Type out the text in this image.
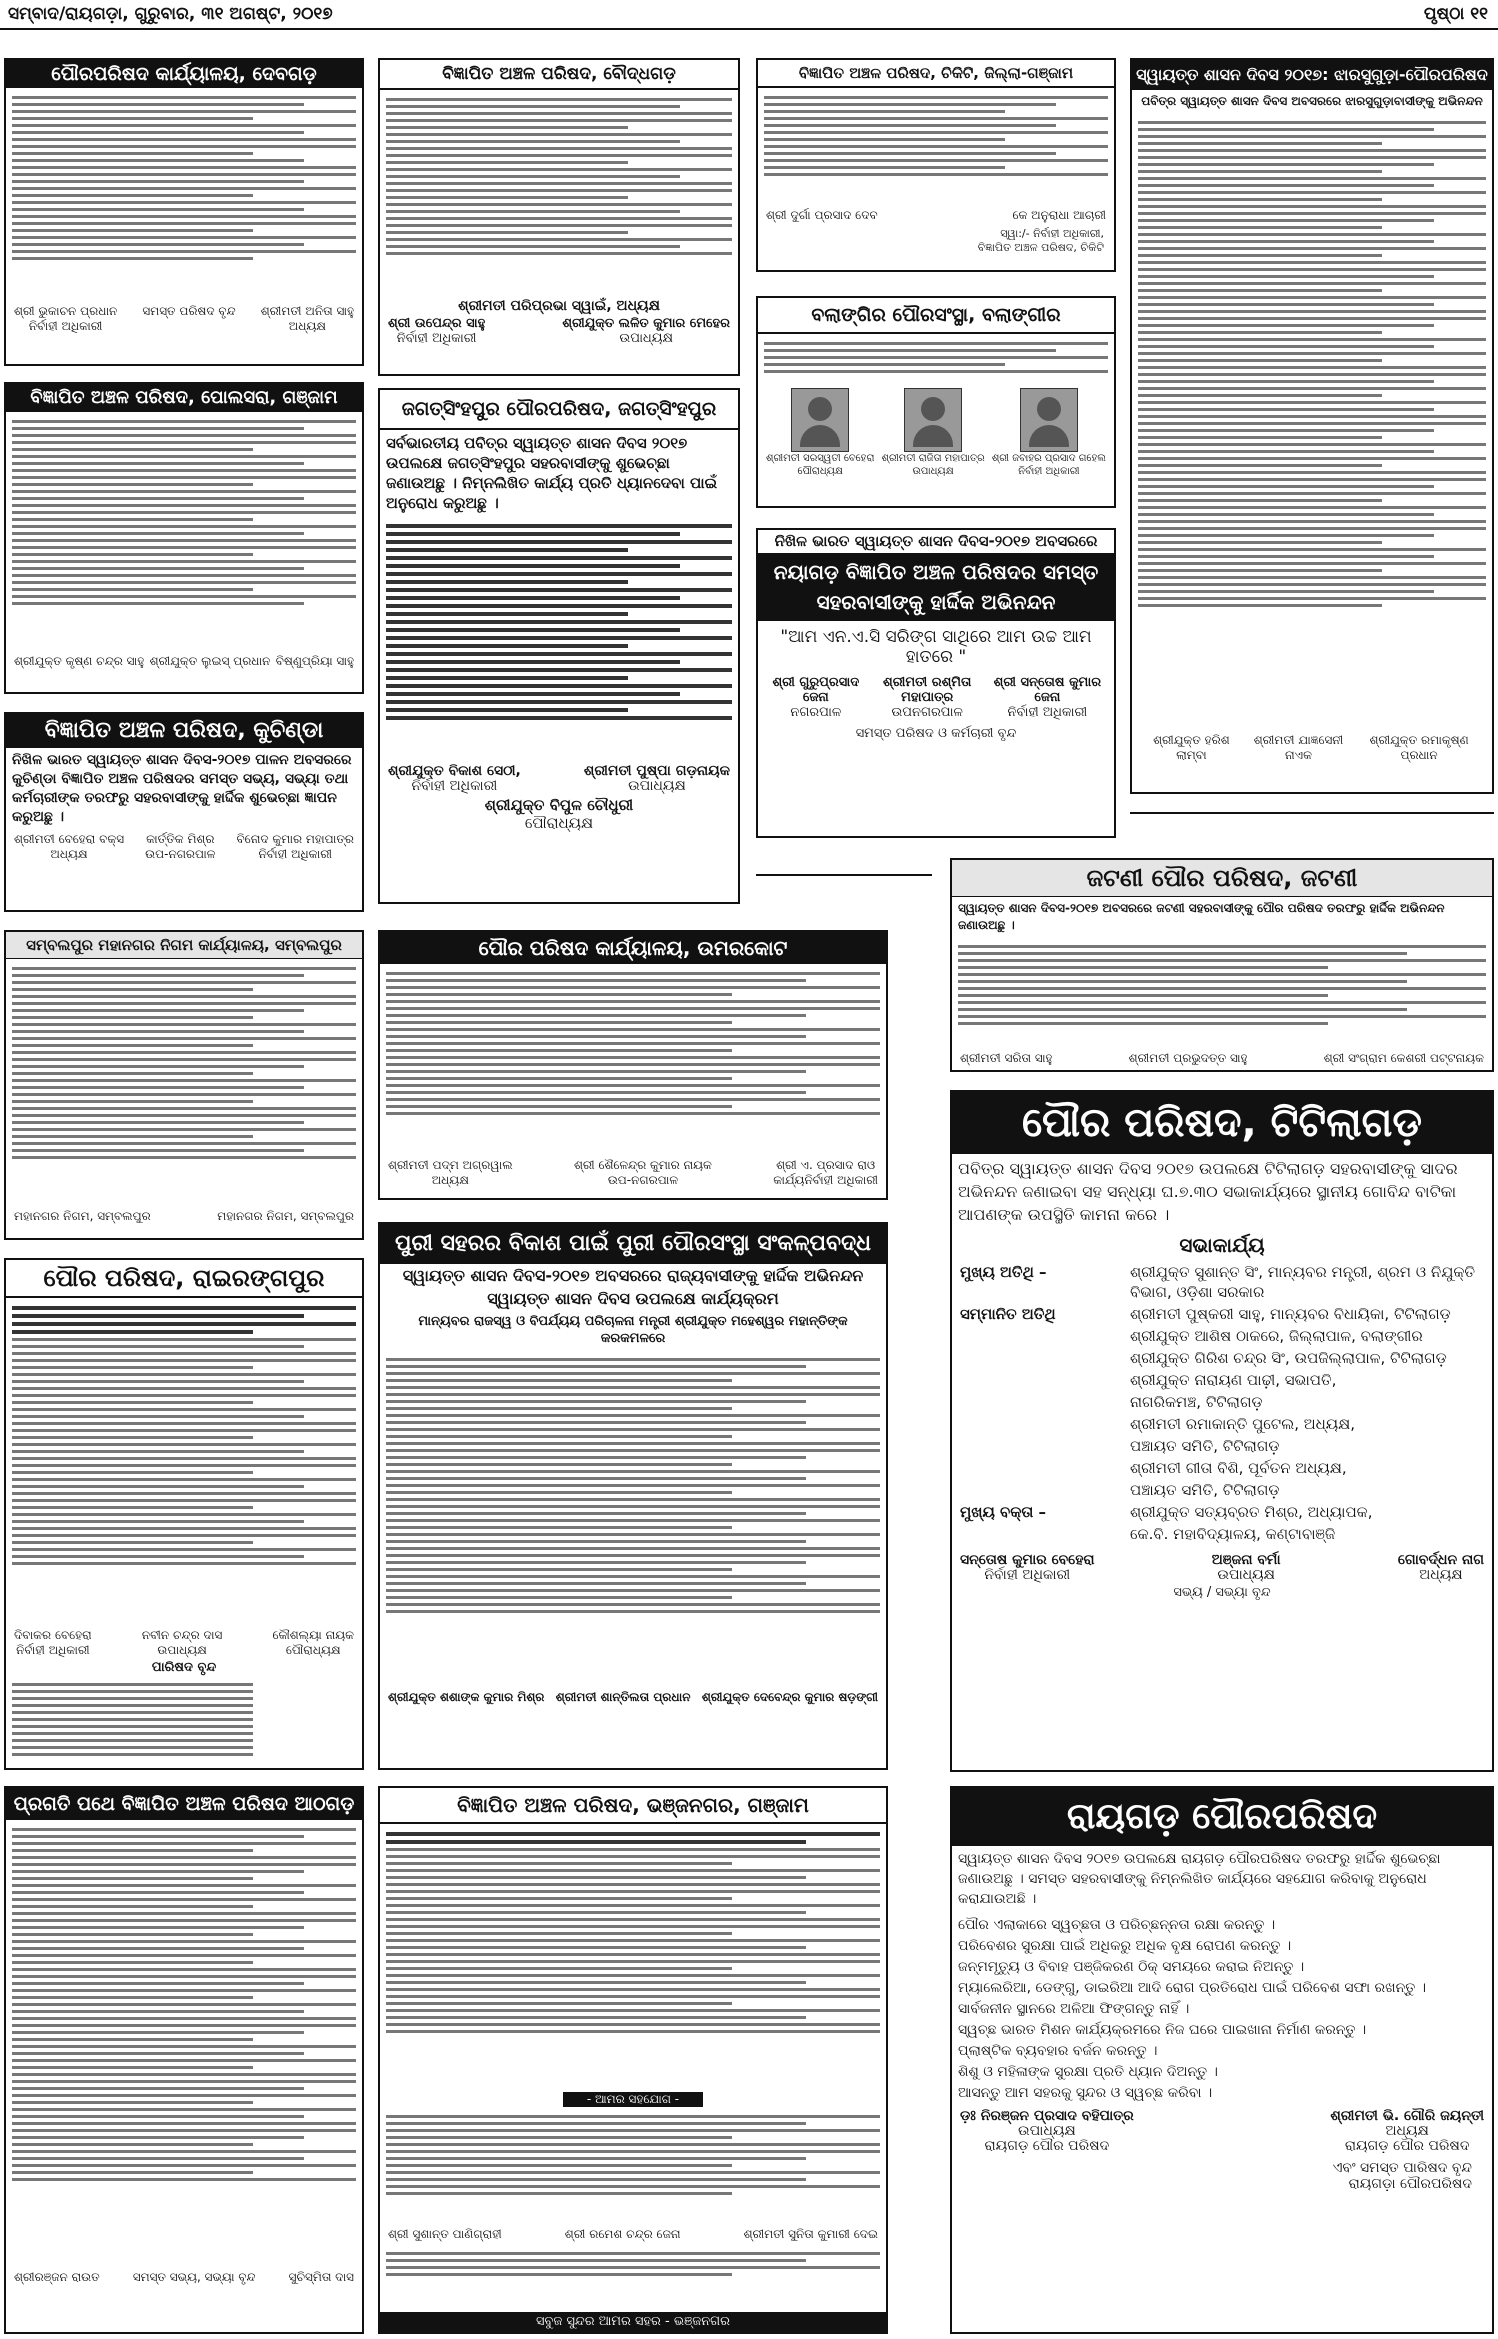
ସମ୍ବାଦ/ରାୟଗଡ଼ା, ଗୁରୁବାର, ୩୧ ଅଗଷ୍ଟ, ୨୦୧୭	ପୃଷ୍ଠା ୧୧
ପୌରପରିଷଦ କାର୍ଯ୍ୟାଳୟ, ଦେବଗଡ଼
ଶ୍ରୀ ଭୁକାଚନ ପ୍ରଧାନ
ନିର୍ବାହୀ ଅଧିକାରୀ
ସମସ୍ତ ପରିଷଦ ବୃନ୍ଦ ଶ୍ରୀମତୀ ଅନିତା ସାହୁ
ଅଧ୍ୟକ୍ଷ
ବିଜ୍ଞାପିତ ଅଞ୍ଚଳ ପରିଷଦ, ପୋଲସରା, ଗଞ୍ଜାମ
ଶ୍ରୀଯୁକ୍ତ କୃଷ୍ଣ ଚନ୍ଦ୍ର ସାହୁ ଶ୍ରୀଯୁକ୍ତ ଲୁଇସ୍ ପ୍ରଧାନ ବିଷ୍ଣୁପ୍ରିୟା ସାହୁ
ବିଜ୍ଞାପିତ ଅଞ୍ଚଳ ପରିଷଦ, କୁଚିଣ୍ଡା
ନିଖିଳ ଭାରତ ସ୍ୱାୟତ୍ତ ଶାସନ ଦିବସ-୨୦୧୭ ପାଳନ ଅବସରରେ କୁଚିଣ୍ଡା ବିଜ୍ଞାପିତ ଅଞ୍ଚଳ ପରିଷଦର ସମସ୍ତ ସଭ୍ୟ, ସଭ୍ୟା ତଥା କର୍ମଚାରୀଙ୍କ ତରଫରୁ ସହରବାସୀଙ୍କୁ ହାର୍ଦ୍ଦିକ ଶୁଭେଚ୍ଛା ଜ୍ଞାପନ କରୁଅଛୁ ।
ଶ୍ରୀମତୀ ବେହେରା ବକ୍ସ
ଅଧ୍ୟକ୍ଷ
କାର୍ତ୍ତିକ ମିଶ୍ର
ଉପ-ନଗରପାଳ
ବିନୋଦ କୁମାର ମହାପାତ୍ର
ନିର୍ବାହୀ ଅଧିକାରୀ
ସମ୍ବଲପୁର ମହାନଗର ନିଗମ କାର୍ଯ୍ୟାଳୟ, ସମ୍ବଲପୁର
ମହାନଗର ନିଗମ, ସମ୍ବଲପୁର	ମହାନଗର ନିଗମ, ସମ୍ବଲପୁର
ପୌର ପରିଷଦ, ରାଇରଙ୍ଗପୁର
ଦିବାକର ବେହେରା
ନିର୍ବାହୀ ଅଧିକାରୀ
ନବୀନ ଚନ୍ଦ୍ର ଦାସ
ଉପାଧ୍ୟକ୍ଷ
କୌଶଲ୍ୟା ନାୟକ
ପୌରାଧ୍ୟକ୍ଷ
ପାରିଷଦ ବୃନ୍ଦ
ପ୍ରଗତି ପଥେ ବିଜ୍ଞାପିତ ଅଞ୍ଚଳ ପରିଷଦ ଆଠଗଡ଼
ଶ୍ରୀରଞ୍ଜନ ରାଉତ	ସମସ୍ତ ସଭ୍ୟ, ସଭ୍ୟା ବୃନ୍ଦ	ସୁଚିସ୍ମିତା ଦାସ
ବିଜ୍ଞାପିତ ଅଞ୍ଚଳ ପରିଷଦ, ବୌଦ୍ଧଗଡ଼
ଶ୍ରୀମତୀ ପରିପ୍ରଭା ସ୍ୱାଇଁ, ଅଧ୍ୟକ୍ଷ
ଶ୍ରୀ ଉପେନ୍ଦ୍ର ସାହୁ
ନିର୍ବାହୀ ଅଧିକାରୀ
ଶ୍ରୀଯୁକ୍ତ ଲଳିତ କୁମାର ମେହେର
ଉପାଧ୍ୟକ୍ଷ
ଜଗତ୍‌ସିଂହପୁର ପୌରପରିଷଦ, ଜଗତ୍‌ସିଂହପୁର
ସର୍ବଭାରତୀୟ ପବିତ୍ର ସ୍ୱାୟତ୍ତ ଶାସନ ଦିବସ ୨୦୧୭ ଉପଲକ୍ଷେ ଜଗତ୍‌ସିଂହପୁର ସହରବାସୀଙ୍କୁ ଶୁଭେଚ୍ଛା ଜଣାଉଅଛୁ । ନିମ୍ନଲିଖିତ କାର୍ଯ୍ୟ ପ୍ରତି ଧ୍ୟାନଦେବା ପାଇଁ ଅନୁରୋଧ କରୁଅଛୁ ।
ଶ୍ରୀଯୁକ୍ତ ବିକାଶ ସେଠୀ,
ନିର୍ବାହୀ ଅଧିକାରୀ
ଶ୍ରୀମତୀ ପୁଷ୍ପା ଗଡ଼ନାୟକ
ଉପାଧ୍ୟକ୍ଷ
ଶ୍ରୀଯୁକ୍ତ ବିପୁଳ ଚୌଧୁରୀ
ପୌରାଧ୍ୟକ୍ଷ
ପୌର ପରିଷଦ କାର୍ଯ୍ୟାଳୟ, ଉମରକୋଟ
ଶ୍ରୀମତୀ ପଦ୍ମ ଅଗ୍ରୱାଲ
ଅଧ୍ୟକ୍ଷ
ଶ୍ରୀ ଶୈଳେନ୍ଦ୍ର କୁମାର ନାୟକ
ଉପ-ନଗରପାଳ
ଶ୍ରୀ ଏ. ପ୍ରସାଦ ରାଓ
କାର୍ଯ୍ୟନିର୍ବାହୀ ଅଧିକାରୀ
ପୁରୀ ସହରର ବିକାଶ ପାଇଁ ପୁରୀ ପୌରସଂସ୍ଥା ସଂକଳ୍ପବଦ୍ଧ
ସ୍ୱାୟତ୍ତ ଶାସନ ଦିବସ-୨୦୧୭ ଅବସରରେ ରାଜ୍ୟବାସୀଙ୍କୁ ହାର୍ଦ୍ଦିକ ଅଭିନନ୍ଦନ
ସ୍ୱାୟତ୍ତ ଶାସନ ଦିବସ ଉପଲକ୍ଷେ କାର୍ଯ୍ୟକ୍ରମ
ମାନ୍ୟବର ରାଜସ୍ୱ ଓ ବିପର୍ଯ୍ୟୟ ପରିଚାଳନା ମନ୍ତ୍ରୀ ଶ୍ରୀଯୁକ୍ତ ମହେଶ୍ୱର ମହାନ୍ତିଙ୍କ କରକମଳରେ
ଶ୍ରୀଯୁକ୍ତ ଶଶାଙ୍କ କୁମାର ମିଶ୍ର ଶ୍ରୀମତୀ ଶାନ୍ତିଲତା ପ୍ରଧାନ ଶ୍ରୀଯୁକ୍ତ ଦେବେନ୍ଦ୍ର କୁମାର ଷଡ଼ଙ୍ଗୀ
ବିଜ୍ଞାପିତ ଅଞ୍ଚଳ ପରିଷଦ, ଭଞ୍ଜନଗର, ଗଞ୍ଜାମ
- ଆମର ସହଯୋଗ -
ଶ୍ରୀ ସୁଶାନ୍ତ ପାଣିଗ୍ରାହୀ	ଶ୍ରୀ ରମେଶ ଚନ୍ଦ୍ର ଜେନା	ଶ୍ରୀମତୀ ସୁନିତା କୁମାରୀ ଦେଇ
ସବୁଜ ସୁନ୍ଦର ଆମର ସହର - ଭଞ୍ଜନଗର
ବିଜ୍ଞାପିତ ଅଞ୍ଚଳ ପରିଷଦ, ଚିକିଟି, ଜିଲ୍ଲା-ଗଞ୍ଜାମ
ଶ୍ରୀ ଦୁର୍ଗା ପ୍ରସାଦ ଦେବ	କେ ଅନୁରାଧା ଆଚାରୀ
ସ୍ୱା:/- ନିର୍ବାହୀ ଅଧିକାରୀ,
ବିଜ୍ଞାପିତ ଅଞ୍ଚଳ ପରିଷଦ, ଚିକିଟି
ବଲାଙ୍ଗିର ପୌରସଂସ୍ଥା, ବଲାଙ୍ଗୀର
ଶ୍ରୀମତୀ ସରସ୍ୱତୀ ବେହେରା
ପୌରାଧ୍ୟକ୍ଷ
ଶ୍ରୀମତୀ ରାଜିତା ମହାପାତ୍ର
ଉପାଧ୍ୟକ୍ଷ
ଶ୍ରୀ ଜବାହର ପ୍ରସାଦ ଗହେଲ
ନିର୍ବାହୀ ଅଧିକାରୀ
ନିଖିଳ ଭାରତ ସ୍ୱାୟତ୍ତ ଶାସନ ଦିବସ-୨୦୧୭ ଅବସରରେ
ନୟାଗଡ଼ ବିଜ୍ଞାପିତ ଅଞ୍ଚଳ ପରିଷଦର ସମସ୍ତ ସହରବାସୀଙ୍କୁ ହାର୍ଦ୍ଦିକ ଅଭିନନ୍ଦନ
"ଆମ ଏନ.ଏ.ସି ସରିଙ୍ଗ ସାଥିରେ ଆମ ଉଚ୍ଚ ଆମ ହାତରେ "
ଶ୍ରୀ ଗୁରୁପ୍ରସାଦ ଜେନା
ନଗରପାଳ
ଶ୍ରୀମତୀ ରଶ୍ମିତା ମହାପାତ୍ର
ଉପନଗରପାଳ
ଶ୍ରୀ ସନ୍ତୋଷ କୁମାର ଜେନା
ନିର୍ବାହୀ ଅଧିକାରୀ
ସମସ୍ତ ପରିଷଦ ଓ କର୍ମଚାରୀ ବୃନ୍ଦ
ସ୍ୱାୟତ୍ତ ଶାସନ ଦିବସ ୨୦୧୭: ଝାରସୁଗୁଡ଼ା-ପୌରପରିଷଦ
ପବିତ୍ର ସ୍ୱାୟତ୍ତ ଶାସନ ଦିବସ ଅବସରରେ ଝାରସୁଗୁଡ଼ାବାସୀଙ୍କୁ ଅଭିନନ୍ଦନ
ଶ୍ରୀଯୁକ୍ତ ହରିଶ ଲାମ୍ବା
ଶ୍ରୀମତୀ ଯାଜ୍ଞସେନୀ ନାଏକ
ଶ୍ରୀଯୁକ୍ତ ରମାକୃଷ୍ଣ ପ୍ରଧାନ
ଜଟଣୀ ପୌର ପରିଷଦ, ଜଟଣୀ
ସ୍ୱାୟତ୍ତ ଶାସନ ଦିବସ-୨୦୧୭ ଅବସରରେ ଜଟଣୀ ସହରବାସୀଙ୍କୁ ପୌର ପରିଷଦ ତରଫରୁ ହାର୍ଦ୍ଦିକ ଅଭିନନ୍ଦନ ଜଣାଉଅଛୁ ।
ଶ୍ରୀମତୀ ସରିତା ସାହୁ	ଶ୍ରୀମତୀ ପ୍ରଭୁଦତ୍ତ ସାହୁ	ଶ୍ରୀ ସଂଗ୍ରାମ କେଶରୀ ପଟ୍ଟନାୟକ
ପୌର ପରିଷଦ, ଟିଟିଲାଗଡ଼
ପବିତ୍ର ସ୍ୱାୟତ୍ତ ଶାସନ ଦିବସ ୨୦୧୭ ଉପଲକ୍ଷେ ଟିଟିଲାଗଡ଼ ସହରବାସୀଙ୍କୁ ସାଦର ଅଭିନନ୍ଦନ ଜଣାଇବା ସହ ସନ୍ଧ୍ୟା ଘ.୭.୩୦ ସଭାକାର୍ଯ୍ୟରେ ସ୍ଥାନୀୟ ଗୋବିନ୍ଦ ବାଟିକା ଆପଣଙ୍କ ଉପସ୍ଥିତି କାମନା କରେ ।
ସଭାକାର୍ଯ୍ୟ
ମୁଖ୍ୟ ଅତିଥି –	ଶ୍ରୀଯୁକ୍ତ ସୁଶାନ୍ତ ସିଂ, ମାନ୍ୟବର ମନ୍ତ୍ରୀ, ଶ୍ରମ ଓ ନିଯୁକ୍ତି ବିଭାଗ, ଓଡ଼ିଶା ସରକାର
ସମ୍ମାନିତ ଅତିଥି	ଶ୍ରୀମତୀ ପୁଷ୍କରୀ ସାହୁ, ମାନ୍ୟବର ବିଧାୟିକା, ଟିଟିଲାଗଡ଼
ଶ୍ରୀଯୁକ୍ତ ଆଶିଷ ଠାକରେ, ଜିଲ୍ଲାପାଳ, ବଲାଙ୍ଗୀର
ଶ୍ରୀଯୁକ୍ତ ଗିରିଶ ଚନ୍ଦ୍ର ସିଂ, ଉପଜିଲ୍ଲାପାଳ, ଟିଟିଲାଗଡ଼
ଶ୍ରୀଯୁକ୍ତ ନାରାୟଣ ପାଢ଼ୀ, ସଭାପତି,
ନାଗରିକମଞ୍ଚ, ଟିଟିଲାଗଡ଼
ଶ୍ରୀମତୀ ରମାକାନ୍ତି ପୁଟେଲ, ଅଧ୍ୟକ୍ଷ,
ପଞ୍ଚାୟତ ସମିତି, ଟିଟିଲାଗଡ଼
ଶ୍ରୀମତୀ ଗୀତା ବିଶି, ପୂର୍ବତନ ଅଧ୍ୟକ୍ଷ,
ପଞ୍ଚାୟତ ସମିତି, ଟିଟିଲାଗଡ଼
ମୁଖ୍ୟ ବକ୍ତା –	ଶ୍ରୀଯୁକ୍ତ ସତ୍ୟବ୍ରତ ମିଶ୍ର, ଅଧ୍ୟାପକ,
କେ.ବି. ମହାବିଦ୍ୟାଳୟ, କଣ୍ଟାବାଞ୍ଜି
ସନ୍ତୋଷ କୁମାର ବେହେରା
ନିର୍ବାହୀ ଅଧିକାରୀ
ଅଞ୍ଜନା ବର୍ମା
ଉପାଧ୍ୟକ୍ଷ
ଗୋବର୍ଦ୍ଧନ ନାଗ
ଅଧ୍ୟକ୍ଷ
ସଭ୍ୟ / ସଭ୍ୟା ବୃନ୍ଦ
ରାୟଗଡ଼ ପୌରପରିଷଦ
ସ୍ୱାୟତ୍ତ ଶାସନ ଦିବସ ୨୦୧୭ ଉପଲକ୍ଷେ ରାୟଗଡ଼ ପୌରପରିଷଦ ତରଫରୁ ହାର୍ଦ୍ଦିକ ଶୁଭେଚ୍ଛା ଜଣାଉଅଛୁ । ସମସ୍ତ ସହରବାସୀଙ୍କୁ ନିମ୍ନଲିଖିତ କାର୍ଯ୍ୟରେ ସହଯୋଗ କରିବାକୁ ଅନୁରୋଧ କରାଯାଉଅଛି ।
ପୌର ଏଲାକାରେ ସ୍ୱଚ୍ଛତା ଓ ପରିଚ୍ଛନ୍ନତା ରକ୍ଷା କରନ୍ତୁ ।
ପରିବେଶର ସୁରକ୍ଷା ପାଇଁ ଅଧିକରୁ ଅଧିକ ବୃକ୍ଷ ରୋପଣ କରନ୍ତୁ ।
ଜନ୍ମମୃତ୍ୟୁ ଓ ବିବାହ ପଞ୍ଜିକରଣ ଠିକ୍ ସମୟରେ କରାଇ ନିଅନ୍ତୁ ।
ମ୍ୟାଲେରିଆ, ଡେଙ୍ଗୁ, ଡାଇରିଆ ଆଦି ରୋଗ ପ୍ରତିରୋଧ ପାଇଁ ପରିବେଶ ସଫା ରଖନ୍ତୁ ।
ସାର୍ବଜନୀନ ସ୍ଥାନରେ ଅଳିଆ ଫିଙ୍ଗନ୍ତୁ ନାହିଁ ।
ସ୍ୱଚ୍ଛ ଭାରତ ମିଶନ କାର୍ଯ୍ୟକ୍ରମରେ ନିଜ ଘରେ ପାଇଖାନା ନିର୍ମାଣ କରନ୍ତୁ ।
ପ୍ଲାଷ୍ଟିକ ବ୍ୟବହାର ବର୍ଜନ କରନ୍ତୁ ।
ଶିଶୁ ଓ ମହିଳାଙ୍କ ସୁରକ୍ଷା ପ୍ରତି ଧ୍ୟାନ ଦିଅନ୍ତୁ ।
ଆସନ୍ତୁ ଆମ ସହରକୁ ସୁନ୍ଦର ଓ ସ୍ୱଚ୍ଛ କରିବା ।
ଡ଼ଃ ନିରଞ୍ଜନ ପ୍ରସାଦ ବହିପାତ୍ର
ଉପାଧ୍ୟକ୍ଷ
ରାୟଗଡ଼ ପୌର ପରିଷଦ
ଶ୍ରୀମତୀ ଭି. ଗୌରି ଜୟନ୍ତୀ
ଅଧ୍ୟକ୍ଷ
ରାୟଗଡ଼ ପୌର ପରିଷଦ
ଏବଂ ସମସ୍ତ ପାରିଷଦ ବୃନ୍ଦ
ରାୟଗଡ଼ା ପୌରପରିଷଦ
